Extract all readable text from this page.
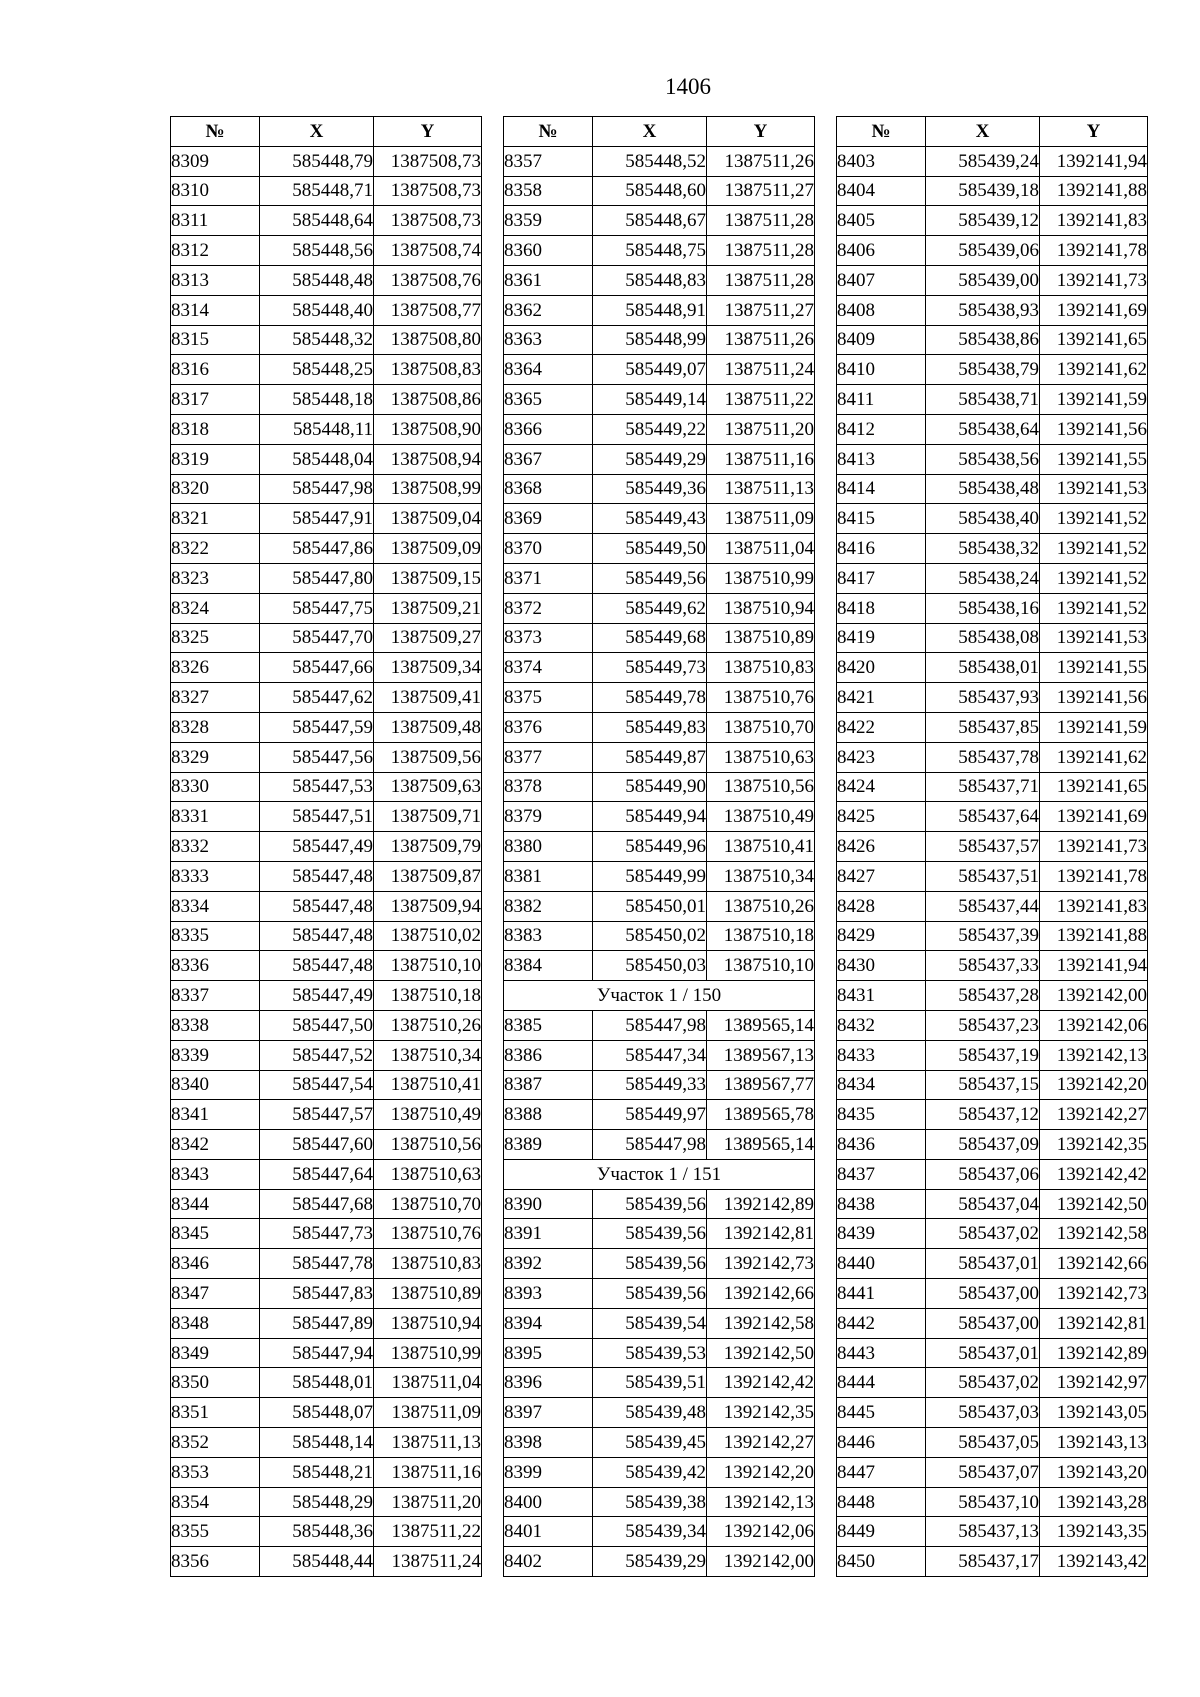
1406
№	X	Y
8309	585448,79	1387508,73
8310	585448,71	1387508,73
8311	585448,64	1387508,73
8312	585448,56	1387508,74
8313	585448,48	1387508,76
8314	585448,40	1387508,77
8315	585448,32	1387508,80
8316	585448,25	1387508,83
8317	585448,18	1387508,86
8318	585448,11	1387508,90
8319	585448,04	1387508,94
8320	585447,98	1387508,99
8321	585447,91	1387509,04
8322	585447,86	1387509,09
8323	585447,80	1387509,15
8324	585447,75	1387509,21
8325	585447,70	1387509,27
8326	585447,66	1387509,34
8327	585447,62	1387509,41
8328	585447,59	1387509,48
8329	585447,56	1387509,56
8330	585447,53	1387509,63
8331	585447,51	1387509,71
8332	585447,49	1387509,79
8333	585447,48	1387509,87
8334	585447,48	1387509,94
8335	585447,48	1387510,02
8336	585447,48	1387510,10
8337	585447,49	1387510,18
8338	585447,50	1387510,26
8339	585447,52	1387510,34
8340	585447,54	1387510,41
8341	585447,57	1387510,49
8342	585447,60	1387510,56
8343	585447,64	1387510,63
8344	585447,68	1387510,70
8345	585447,73	1387510,76
8346	585447,78	1387510,83
8347	585447,83	1387510,89
8348	585447,89	1387510,94
8349	585447,94	1387510,99
8350	585448,01	1387511,04
8351	585448,07	1387511,09
8352	585448,14	1387511,13
8353	585448,21	1387511,16
8354	585448,29	1387511,20
8355	585448,36	1387511,22
8356	585448,44	1387511,24
№	X	Y
8357	585448,52	1387511,26
8358	585448,60	1387511,27
8359	585448,67	1387511,28
8360	585448,75	1387511,28
8361	585448,83	1387511,28
8362	585448,91	1387511,27
8363	585448,99	1387511,26
8364	585449,07	1387511,24
8365	585449,14	1387511,22
8366	585449,22	1387511,20
8367	585449,29	1387511,16
8368	585449,36	1387511,13
8369	585449,43	1387511,09
8370	585449,50	1387511,04
8371	585449,56	1387510,99
8372	585449,62	1387510,94
8373	585449,68	1387510,89
8374	585449,73	1387510,83
8375	585449,78	1387510,76
8376	585449,83	1387510,70
8377	585449,87	1387510,63
8378	585449,90	1387510,56
8379	585449,94	1387510,49
8380	585449,96	1387510,41
8381	585449,99	1387510,34
8382	585450,01	1387510,26
8383	585450,02	1387510,18
8384	585450,03	1387510,10
Участок 1 / 150		
8385	585447,98	1389565,14
8386	585447,34	1389567,13
8387	585449,33	1389567,77
8388	585449,97	1389565,78
8389	585447,98	1389565,14
Участок 1 / 151		
8390	585439,56	1392142,89
8391	585439,56	1392142,81
8392	585439,56	1392142,73
8393	585439,56	1392142,66
8394	585439,54	1392142,58
8395	585439,53	1392142,50
8396	585439,51	1392142,42
8397	585439,48	1392142,35
8398	585439,45	1392142,27
8399	585439,42	1392142,20
8400	585439,38	1392142,13
8401	585439,34	1392142,06
8402	585439,29	1392142,00
№	X	Y
8403	585439,24	1392141,94
8404	585439,18	1392141,88
8405	585439,12	1392141,83
8406	585439,06	1392141,78
8407	585439,00	1392141,73
8408	585438,93	1392141,69
8409	585438,86	1392141,65
8410	585438,79	1392141,62
8411	585438,71	1392141,59
8412	585438,64	1392141,56
8413	585438,56	1392141,55
8414	585438,48	1392141,53
8415	585438,40	1392141,52
8416	585438,32	1392141,52
8417	585438,24	1392141,52
8418	585438,16	1392141,52
8419	585438,08	1392141,53
8420	585438,01	1392141,55
8421	585437,93	1392141,56
8422	585437,85	1392141,59
8423	585437,78	1392141,62
8424	585437,71	1392141,65
8425	585437,64	1392141,69
8426	585437,57	1392141,73
8427	585437,51	1392141,78
8428	585437,44	1392141,83
8429	585437,39	1392141,88
8430	585437,33	1392141,94
8431	585437,28	1392142,00
8432	585437,23	1392142,06
8433	585437,19	1392142,13
8434	585437,15	1392142,20
8435	585437,12	1392142,27
8436	585437,09	1392142,35
8437	585437,06	1392142,42
8438	585437,04	1392142,50
8439	585437,02	1392142,58
8440	585437,01	1392142,66
8441	585437,00	1392142,73
8442	585437,00	1392142,81
8443	585437,01	1392142,89
8444	585437,02	1392142,97
8445	585437,03	1392143,05
8446	585437,05	1392143,13
8447	585437,07	1392143,20
8448	585437,10	1392143,28
8449	585437,13	1392143,35
8450	585437,17	1392143,42
